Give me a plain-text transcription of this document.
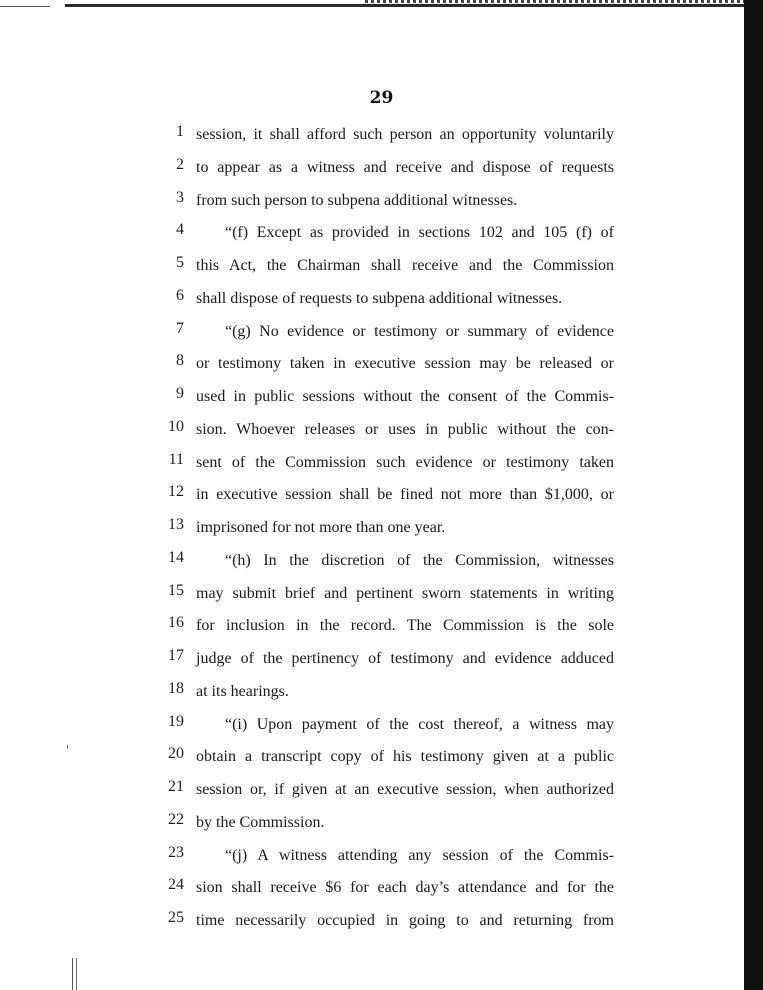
29
1 session, it shall afford such person an opportunity voluntarily
2 to appear as a witness and receive and dispose of requests
3 from such person to subpena additional witnesses.
4	“(f) Except as provided in sections 102 and 105 (f) of
5 this Act, the Chairman shall receive and the Commission
6 shall dispose of requests to subpena additional witnesses.
7	“(g) No evidence or testimony or summary of evidence
8 or testimony taken in executive session may be released or
9 used in public sessions without the consent of the Commis-
10 sion. Whoever releases or uses in public without the con-
11 sent of the Commission such evidence or testimony taken
12 in executive session shall be fined not more than $1,000, or
13 imprisoned for not more than one year.
14	“(h) In the discretion of the Commission, witnesses
15 may submit brief and pertinent sworn statements in writing
16 for inclusion in the record. The Commission is the sole
17 judge of the pertinency of testimony and evidence adduced
18 at its hearings.
19	“(i) Upon payment of the cost thereof, a witness may
20 obtain a transcript copy of his testimony given at a public
21 session or, if given at an executive session, when authorized
22 by the Commission.
23	“(j) A witness attending any session of the Commis-
24 sion shall receive $6 for each day’s attendance and for the
25 time necessarily occupied in going to and returning from
